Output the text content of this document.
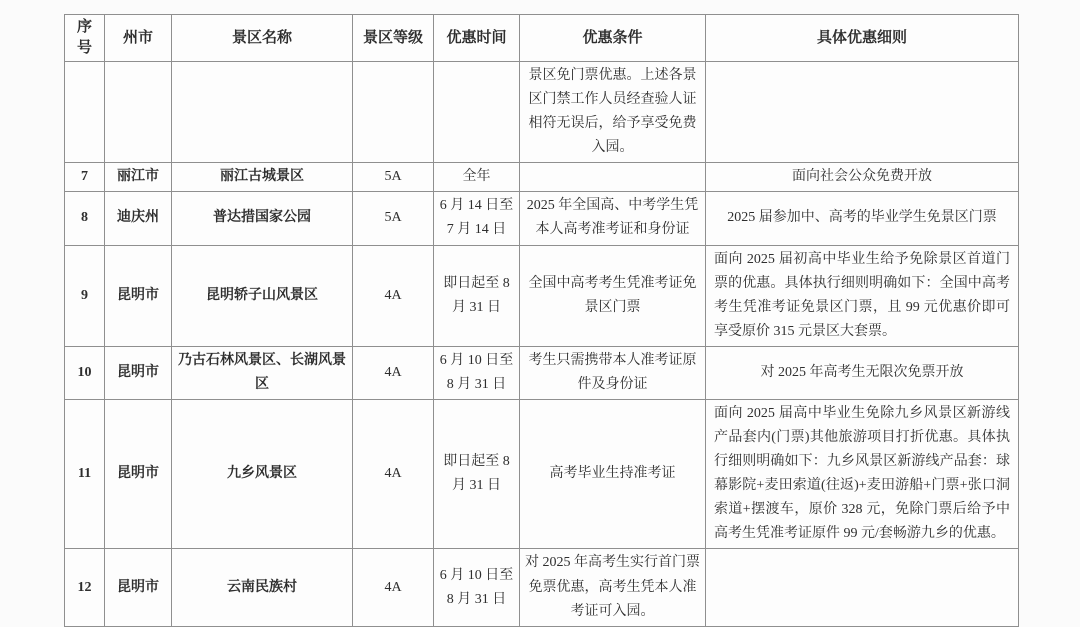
序号	州市	景区名称	景区等级	优惠时间	优惠条件	具体优惠细则
					景区免门票优惠。上述各景区门禁工作人员经查验人证相符无误后，给予享受免费入园。	
7	丽江市	丽江古城景区	5A	全年		面向社会公众免费开放
8	迪庆州	普达措国家公园	5A	6 月 14 日至 7 月 14 日	2025 年全国高、中考学生凭本人高考准考证和身份证	2025 届参加中、高考的毕业学生免景区门票
9	昆明市	昆明轿子山风景区	4A	即日起至 8 月 31 日	全国中高考考生凭准考证免景区门票	面向 2025 届初高中毕业生给予免除景区首道门票的优惠。具体执行细则明确如下：全国中高考考生凭准考证免景区门票，且 99 元优惠价即可享受原价 315 元景区大套票。
10	昆明市	乃古石林风景区、长湖风景区	4A	6 月 10 日至 8 月 31 日	考生只需携带本人准考证原件及身份证	对 2025 年高考生无限次免票开放
11	昆明市	九乡风景区	4A	即日起至 8 月 31 日	高考毕业生持准考证	面向 2025 届高中毕业生免除九乡风景区新游线产品套内(门票)其他旅游项目打折优惠。具体执行细则明确如下：九乡风景区新游线产品套：球幕影院+麦田索道(往返)+麦田游船+门票+张口洞索道+摆渡车，原价 328 元，免除门票后给予中高考生凭准考证原件 99 元/套畅游九乡的优惠。
12	昆明市	云南民族村	4A	6 月 10 日至 8 月 31 日	对 2025 年高考生实行首门票免票优惠，高考生凭本人准考证可入园。	
